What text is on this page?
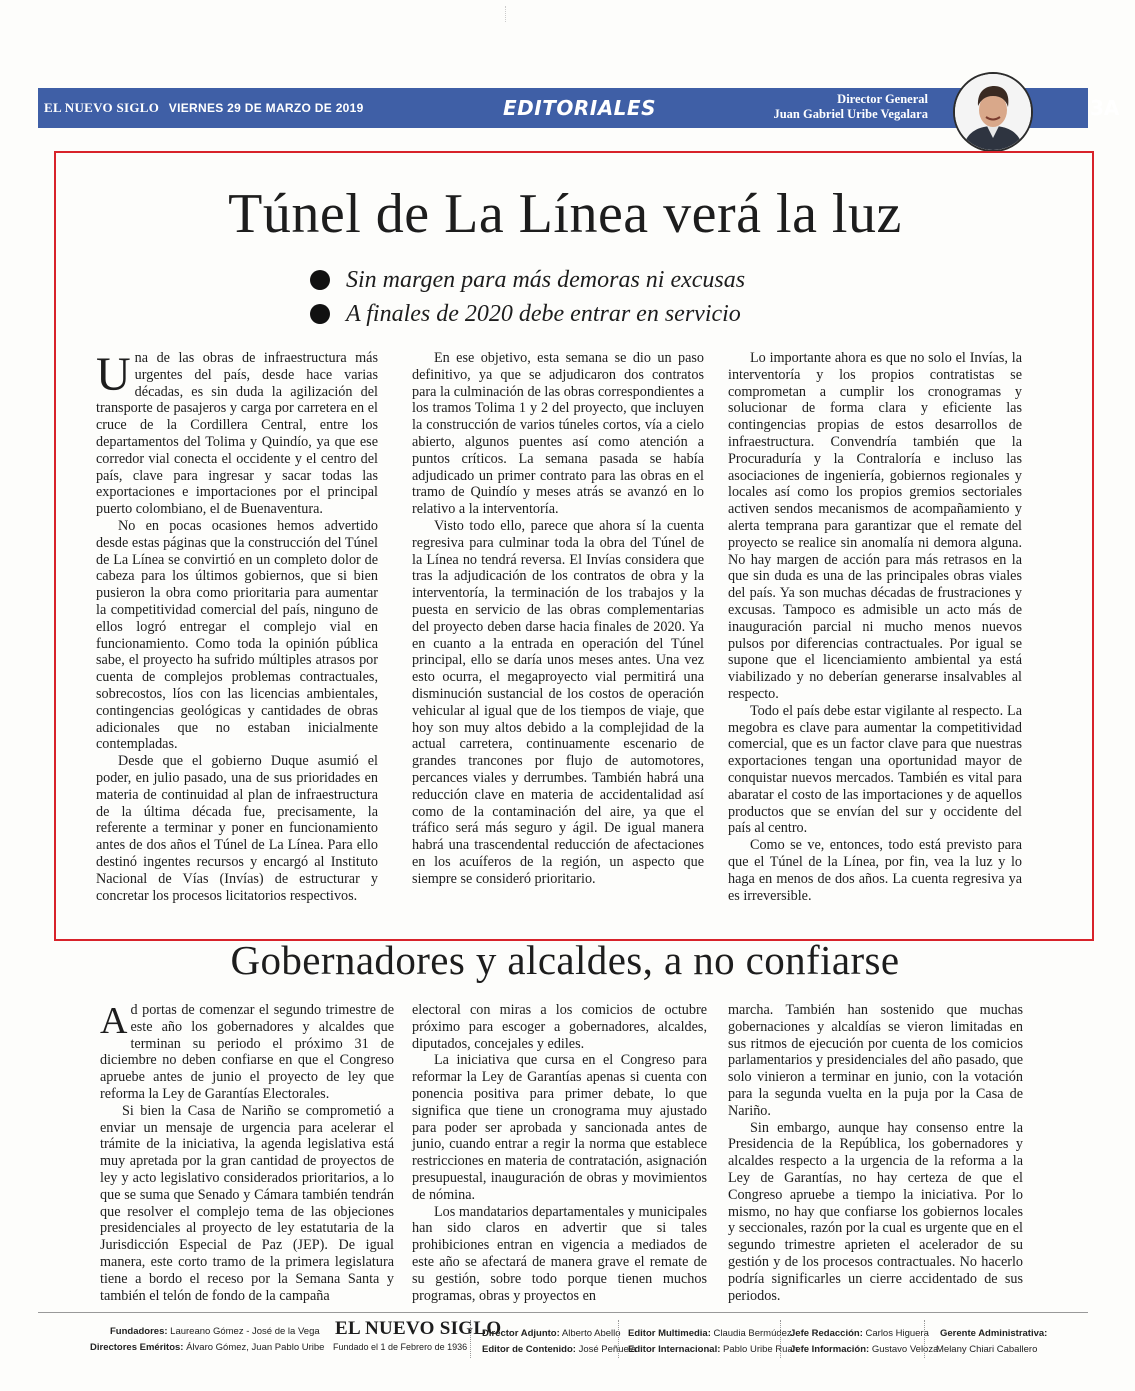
EL NUEVO SIGLO VIERNES 29 DE MARZO DE 2019	EDITORIALES	Director General
Juan Gabriel Uribe Vegalara	3A
Túnel de La Línea verá la luz
Sin margen para más demoras ni excusas
A finales de 2020 debe entrar en servicio

Una de las obras de infraestructura más urgentes del país, desde hace varias décadas, es sin duda la agilización del transporte de pasajeros y carga por carretera en el cruce de la Cordillera Central, entre los departamentos del Tolima y Quindío, ya que ese corredor vial conecta el occidente y el centro del país, clave para ingresar y sacar todas las exportaciones e importaciones por el principal puerto colombiano, el de Buenaventura.

No en pocas ocasiones hemos advertido desde estas páginas que la construcción del Túnel de La Línea se convirtió en un completo dolor de cabeza para los últimos gobiernos, que si bien pusieron la obra como prioritaria para aumentar la competitividad comercial del país, ninguno de ellos logró entregar el complejo vial en funcionamiento. Como toda la opinión pública sabe, el proyecto ha sufrido múltiples atrasos por cuenta de complejos problemas contractuales, sobrecostos, líos con las licencias ambientales, contingencias geológicas y cantidades de obras adicionales que no estaban inicialmente contempladas.

Desde que el gobierno Duque asumió el poder, en julio pasado, una de sus prioridades en materia de continuidad al plan de infraestructura de la última década fue, precisamente, la referente a terminar y poner en funcionamiento antes de dos años el Túnel de La Línea. Para ello destinó ingentes recursos y encargó al Instituto Nacional de Vías (Invías) de estructurar y concretar los procesos licitatorios respectivos.

En ese objetivo, esta semana se dio un paso definitivo, ya que se adjudicaron dos contratos para la culminación de las obras correspondientes a los tramos Tolima 1 y 2 del proyecto, que incluyen la construcción de varios túneles cortos, vía a cielo abierto, algunos puentes así como atención a puntos críticos. La semana pasada se había adjudicado un primer contrato para las obras en el tramo de Quindío y meses atrás se avanzó en lo relativo a la interventoría.

Visto todo ello, parece que ahora sí la cuenta regresiva para culminar toda la obra del Túnel de la Línea no tendrá reversa. El Invías considera que tras la adjudicación de los contratos de obra y la interventoría, la terminación de los trabajos y la puesta en servicio de las obras complementarias del proyecto deben darse hacia finales de 2020. Ya en cuanto a la entrada en operación del Túnel principal, ello se daría unos meses antes. Una vez esto ocurra, el megaproyecto vial permitirá una disminución sustancial de los costos de operación vehicular al igual que de los tiempos de viaje, que hoy son muy altos debido a la complejidad de la actual carretera, continuamente escenario de grandes trancones por flujo de automotores, percances viales y derrumbes. También habrá una reducción clave en materia de accidentalidad así como de la contaminación del aire, ya que el tráfico será más seguro y ágil. De igual manera habrá una trascendental reducción de afectaciones en los acuíferos de la región, un aspecto que siempre se consideró prioritario.

Lo importante ahora es que no solo el Invías, la interventoría y los propios contratistas se comprometan a cumplir los cronogramas y solucionar de forma clara y eficiente las contingencias propias de estos desarrollos de infraestructura. Convendría también que la Procuraduría y la Contraloría e incluso las asociaciones de ingeniería, gobiernos regionales y locales así como los propios gremios sectoriales activen sendos mecanismos de acompañamiento y alerta temprana para garantizar que el remate del proyecto se realice sin anomalía ni demora alguna. No hay margen de acción para más retrasos en la que sin duda es una de las principales obras viales del país. Ya son muchas décadas de frustraciones y excusas. Tampoco es admisible un acto más de inauguración parcial ni mucho menos nuevos pulsos por diferencias contractuales. Por igual se supone que el licenciamiento ambiental ya está viabilizado y no deberían generarse insalvables al respecto.

Todo el país debe estar vigilante al respecto. La megobra es clave para aumentar la competitividad comercial, que es un factor clave para que nuestras exportaciones tengan una oportunidad mayor de conquistar nuevos mercados. También es vital para abaratar el costo de las importaciones y de aquellos productos que se envían del sur y occidente del país al centro.

Como se ve, entonces, todo está previsto para que el Túnel de la Línea, por fin, vea la luz y lo haga en menos de dos años. La cuenta regresiva ya es irreversible.

Gobernadores y alcaldes, a no confiarse

Ad portas de comenzar el segundo trimestre de este año los gobernadores y alcaldes que terminan su periodo el próximo 31 de diciembre no deben confiarse en que el Congreso apruebe antes de junio el proyecto de ley que reforma la Ley de Garantías Electorales.

Si bien la Casa de Nariño se comprometió a enviar un mensaje de urgencia para acelerar el trámite de la iniciativa, la agenda legislativa está muy apretada por la gran cantidad de proyectos de ley y acto legislativo considerados prioritarios, a lo que se suma que Senado y Cámara también tendrán que resolver el complejo tema de las objeciones presidenciales al proyecto de ley estatutaria de la Jurisdicción Especial de Paz (JEP). De igual manera, este corto tramo de la primera legislatura tiene a bordo el receso por la Semana Santa y también el telón de fondo de la campaña

electoral con miras a los comicios de octubre próximo para escoger a gobernadores, alcaldes, diputados, concejales y ediles.

La iniciativa que cursa en el Congreso para reformar la Ley de Garantías apenas si cuenta con ponencia positiva para primer debate, lo que significa que tiene un cronograma muy ajustado para poder ser aprobada y sancionada antes de junio, cuando entrar a regir la norma que establece restricciones en materia de contratación, asignación presupuestal, inauguración de obras y movimientos de nómina.

Los mandatarios departamentales y municipales han sido claros en advertir que si tales prohibiciones entran en vigencia a mediados de este año se afectará de manera grave el remate de su gestión, sobre todo porque tienen muchos programas, obras y proyectos en

marcha. También han sostenido que muchas gobernaciones y alcaldías se vieron limitadas en sus ritmos de ejecución por cuenta de los comicios parlamentarios y presidenciales del año pasado, que solo vinieron a terminar en junio, con la votación para la segunda vuelta en la puja por la Casa de Nariño.

Sin embargo, aunque hay consenso entre la Presidencia de la República, los gobernadores y alcaldes respecto a la urgencia de la reforma a la Ley de Garantías, no hay certeza de que el Congreso apruebe a tiempo la iniciativa. Por lo mismo, no hay que confiarse los gobiernos locales y seccionales, razón por la cual es urgente que en el segundo trimestre aprieten el acelerador de su gestión y de los procesos contractuales. No hacerlo podría significarles un cierre accidentado de sus periodos.

Fundadores: Laureano Gómez - José de la Vega
Directores Eméritos: Álvaro Gómez, Juan Pablo Uribe
EL NUEVO SIGLO
Fundado el 1 de Febrero de 1936
Director Adjunto: Alberto Abello
Editor de Contenido: José Peñuela
Editor Multimedia: Claudia Bermúdez
Editor Internacional: Pablo Uribe Ruan
Jefe Redacción: Carlos Higuera
Jefe Información: Gustavo Veloza
Gerente Administrativa:
Melany Chiari Caballero
